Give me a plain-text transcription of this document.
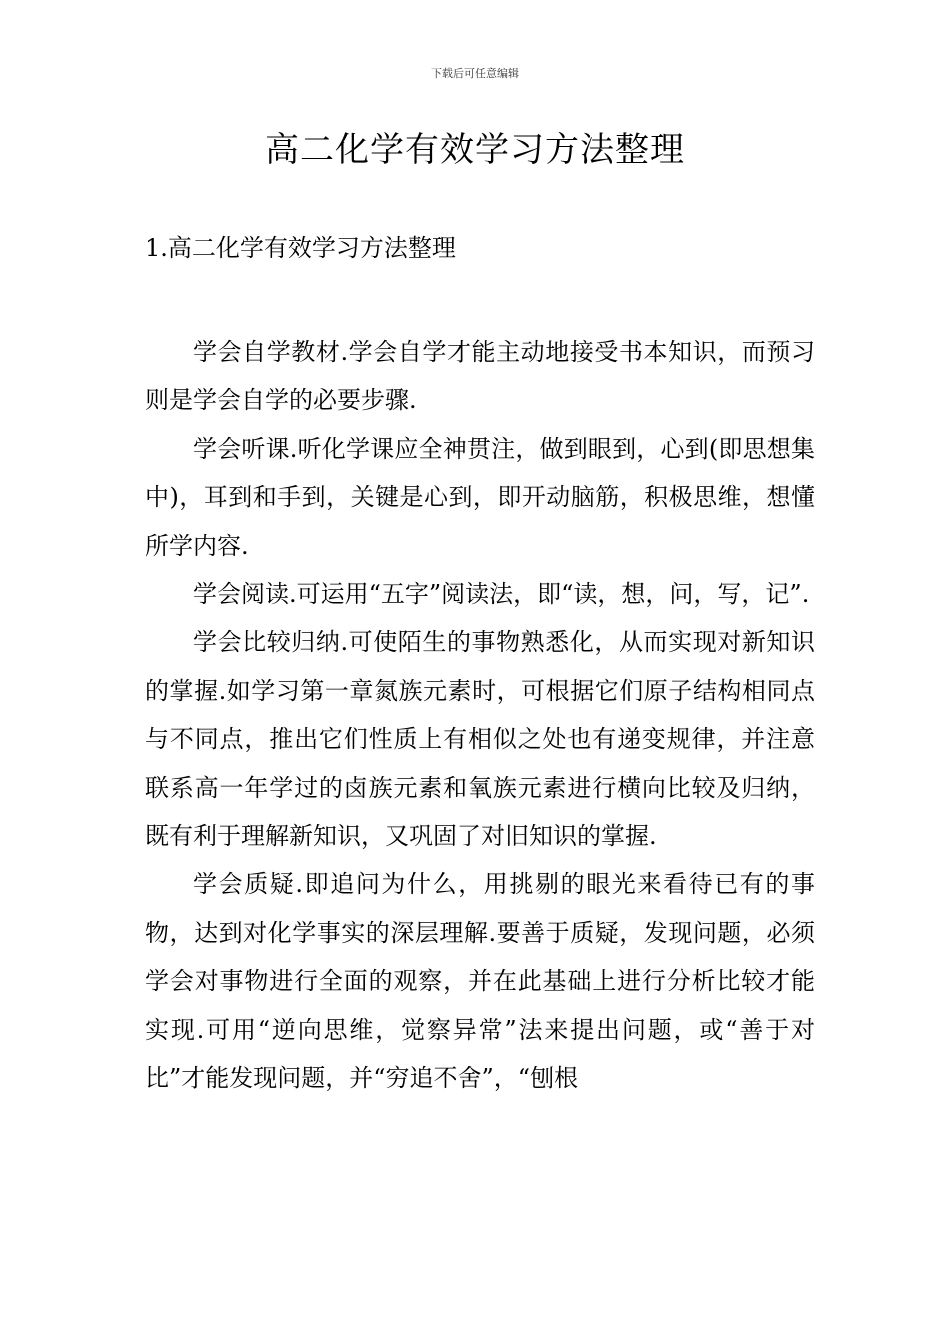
下载后可任意编辑
高二化学有效学习方法整理
1.高二化学有效学习方法整理

学会自学教材.学会自学才能主动地接受书本知识，而预习则是学会自学的必要步骤.

学会听课.听化学课应全神贯注，做到眼到，心到(即思想集中)，耳到和手到，关键是心到，即开动脑筋，积极思维，想懂所学内容.

学会阅读.可运用“五字”阅读法，即“读，想，问，写，记”.

学会比较归纳.可使陌生的事物熟悉化，从而实现对新知识的掌握.如学习第一章氮族元素时，可根据它们原子结构相同点与不同点，推出它们性质上有相似之处也有递变规律，并注意联系高一年学过的卤族元素和氧族元素进行横向比较及归纳，既有利于理解新知识，又巩固了对旧知识的掌握.

学会质疑.即追问为什么，用挑剔的眼光来看待已有的事物，达到对化学事实的深层理解.要善于质疑，发现问题，必须学会对事物进行全面的观察，并在此基础上进行分析比较才能实现.可用“逆向思维，觉察异常”法来提出问题，或“善于对比”才能发现问题，并“穷追不舍”，“刨根
